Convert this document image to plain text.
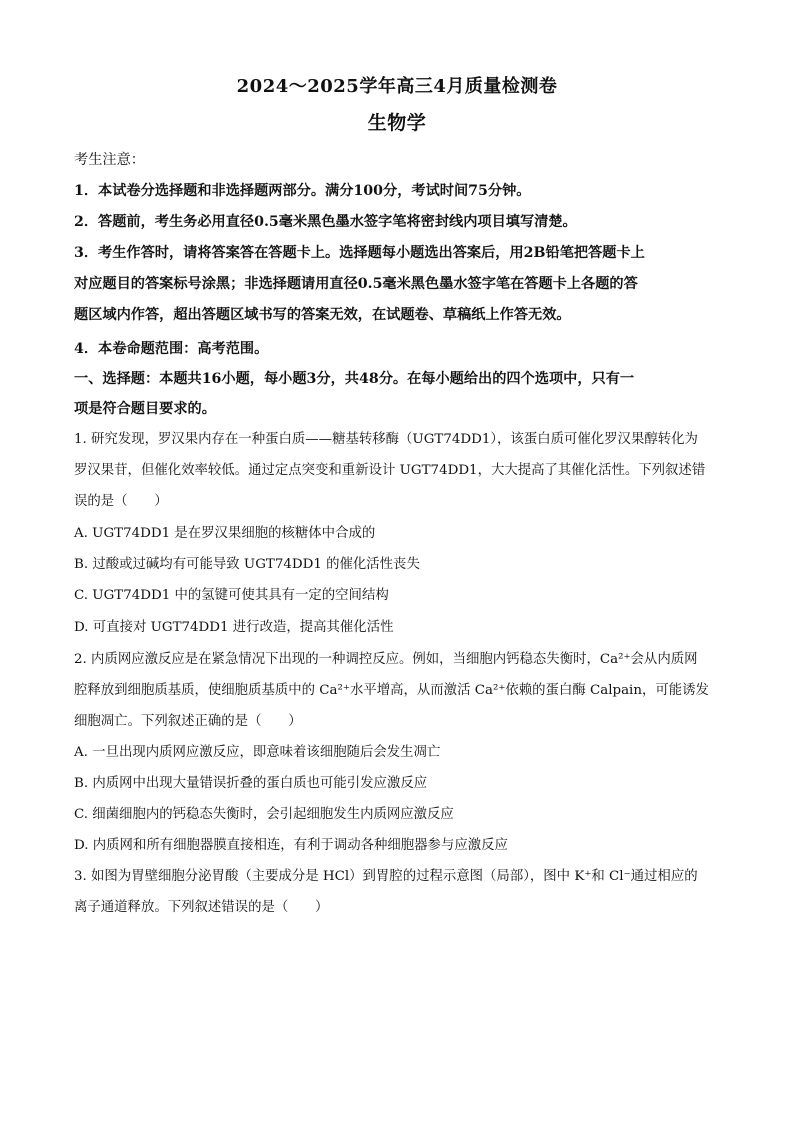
2024～2025学年高三4月质量检测卷
生物学
考生注意：
1．本试卷分选择题和非选择题两部分。满分100分，考试时间75分钟。
2．答题前，考生务必用直径0.5毫米黑色墨水签字笔将密封线内项目填写清楚。
3．考生作答时，请将答案答在答题卡上。选择题每小题选出答案后，用2B铅笔把答题卡上
对应题目的答案标号涂黑；非选择题请用直径0.5毫米黑色墨水签字笔在答题卡上各题的答
题区域内作答，超出答题区域书写的答案无效，在试题卷、草稿纸上作答无效。
4．本卷命题范围：高考范围。
一、选择题：本题共16小题，每小题3分，共48分。在每小题给出的四个选项中，只有一
项是符合题目要求的。
1. 研究发现，罗汉果内存在一种蛋白质——糖基转移酶（UGT74DD1），该蛋白质可催化罗汉果醇转化为
罗汉果苷，但催化效率较低。通过定点突变和重新设计 UGT74DD1，大大提高了其催化活性。下列叙述错
误的是（　　）
A. UGT74DD1 是在罗汉果细胞的核糖体中合成的
B. 过酸或过碱均有可能导致 UGT74DD1 的催化活性丧失
C. UGT74DD1 中的氢键可使其具有一定的空间结构
D. 可直接对 UGT74DD1 进行改造，提高其催化活性
2. 内质网应激反应是在紧急情况下出现的一种调控反应。例如，当细胞内钙稳态失衡时，Ca²⁺会从内质网
腔释放到细胞质基质，使细胞质基质中的 Ca²⁺水平增高，从而激活 Ca²⁺依赖的蛋白酶 Calpain，可能诱发
细胞凋亡。下列叙述正确的是（　　）
A. 一旦出现内质网应激反应，即意味着该细胞随后会发生凋亡
B. 内质网中出现大量错误折叠的蛋白质也可能引发应激反应
C. 细菌细胞内的钙稳态失衡时，会引起细胞发生内质网应激反应
D. 内质网和所有细胞器膜直接相连，有利于调动各种细胞器参与应激反应
3. 如图为胃壁细胞分泌胃酸（主要成分是 HCl）到胃腔的过程示意图（局部），图中 K⁺和 Cl⁻通过相应的
离子通道释放。下列叙述错误的是（　　）
